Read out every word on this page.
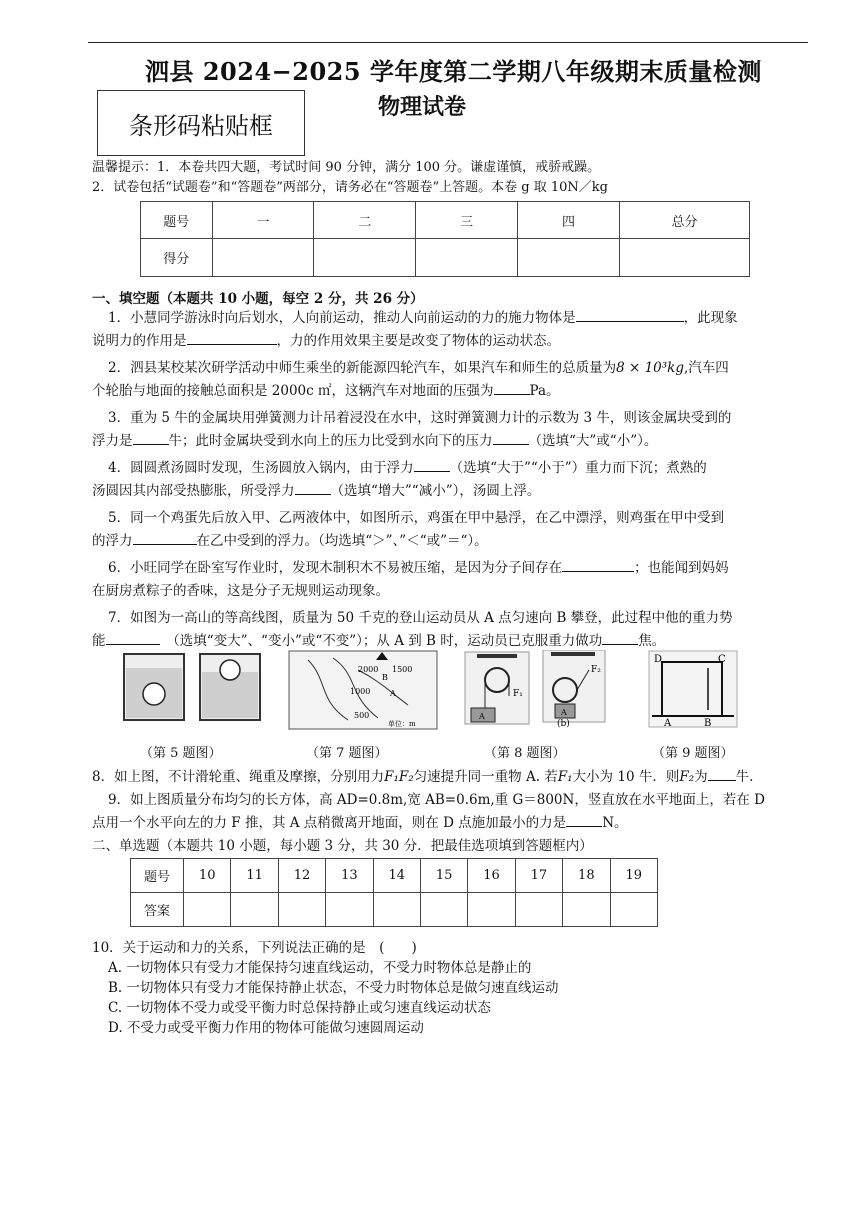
泗县 2024−2025 学年度第二学期八年级期末质量检测
物理试卷
条形码粘贴框
温馨提示：1．本卷共四大题，考试时间 90 分钟，满分 100 分。谦虚谨慎，戒骄戒躁。
2．试卷包括“试题卷”和“答题卷”两部分，请务必在“答题卷”上答题。本卷 g 取 10N／kg
题号	一	二	三	四	总分
得分					
一、填空题（本题共 10 小题，每空 2 分，共 26 分）
1．小慧同学游泳时向后划水，人向前运动，推动人向前运动的力的施力物体是	，此现象
说明力的作用是	，力的作用效果主要是改变了物体的运动状态。
2．泗县某校某次研学活动中师生乘坐的新能源四轮汽车，如果汽车和师生的总质量为8 × 10³kg,汽车四
个轮胎与地面的接触总面积是 2000c ㎡，这辆汽车对地面的压强为	Pa。
3．重为 5 牛的金属块用弹簧测力计吊着浸没在水中，这时弹簧测力计的示数为 3 牛，则该金属块受到的
浮力是	牛；此时金属块受到水向上的压力比受到水向下的压力	（选填“大”或“小”）。
4．圆圆煮汤圆时发现，生汤圆放入锅内，由于浮力	（选填“大于”“小于”）重力而下沉；煮熟的
汤圆因其内部受热膨胀，所受浮力	（选填“增大”“减小”），汤圆上浮。
5．同一个鸡蛋先后放入甲、乙两液体中，如图所示，鸡蛋在甲中悬浮，在乙中漂浮，则鸡蛋在甲中受到
的浮力	在乙中受到的浮力。（均选填“＞”、”＜“或”＝“）。
6．小旺同学在卧室写作业时，发现木制积木不易被压缩，是因为分子间存在	；也能闻到妈妈
在厨房煮粽子的香味，这是分子无规则运动现象。
7．如图为一高山的等高线图，质量为 50 千克的登山运动员从 A 点匀速向 B 攀登，此过程中他的重力势
能　	（选填“变大”、“变小”或“不变”）；从 A 到 B 时，运动员已克服重力做功	焦。
2000 1500
1000
500
单位：m
B
A
A
F₁
A
F₂
(b)
D	C
A	B
（第 5 题图）	（第 7 题图）	（第 8 题图）	（第 9 题图）
8．如上图，不计滑轮重、绳重及摩擦，分别用力F₁F₂匀速提升同一重物 A. 若F₁大小为 10 牛．则F₂为 牛.
9．如上图质量分布均匀的长方体，高 AD=0.8m,宽 AB=0.6m,重 G＝800N，竖直放在水平地面上，若在 D
点用一个水平向左的力 F 推，其 A 点稍微离开地面，则在 D 点施加最小的力是	N。
二、单选题（本题共 10 小题，每小题 3 分，共 30 分．把最佳选项填到答题框内）
题号	10	11	12	13	14	15	16	17	18	19
答案										
10．关于运动和力的关系，下列说法正确的是　(　　)
A. 一切物体只有受力才能保持匀速直线运动，不受力时物体总是静止的
B. 一切物体只有受力才能保持静止状态，不受力时物体总是做匀速直线运动
C. 一切物体不受力或受平衡力时总保持静止或匀速直线运动状态
D. 不受力或受平衡力作用的物体可能做匀速圆周运动
